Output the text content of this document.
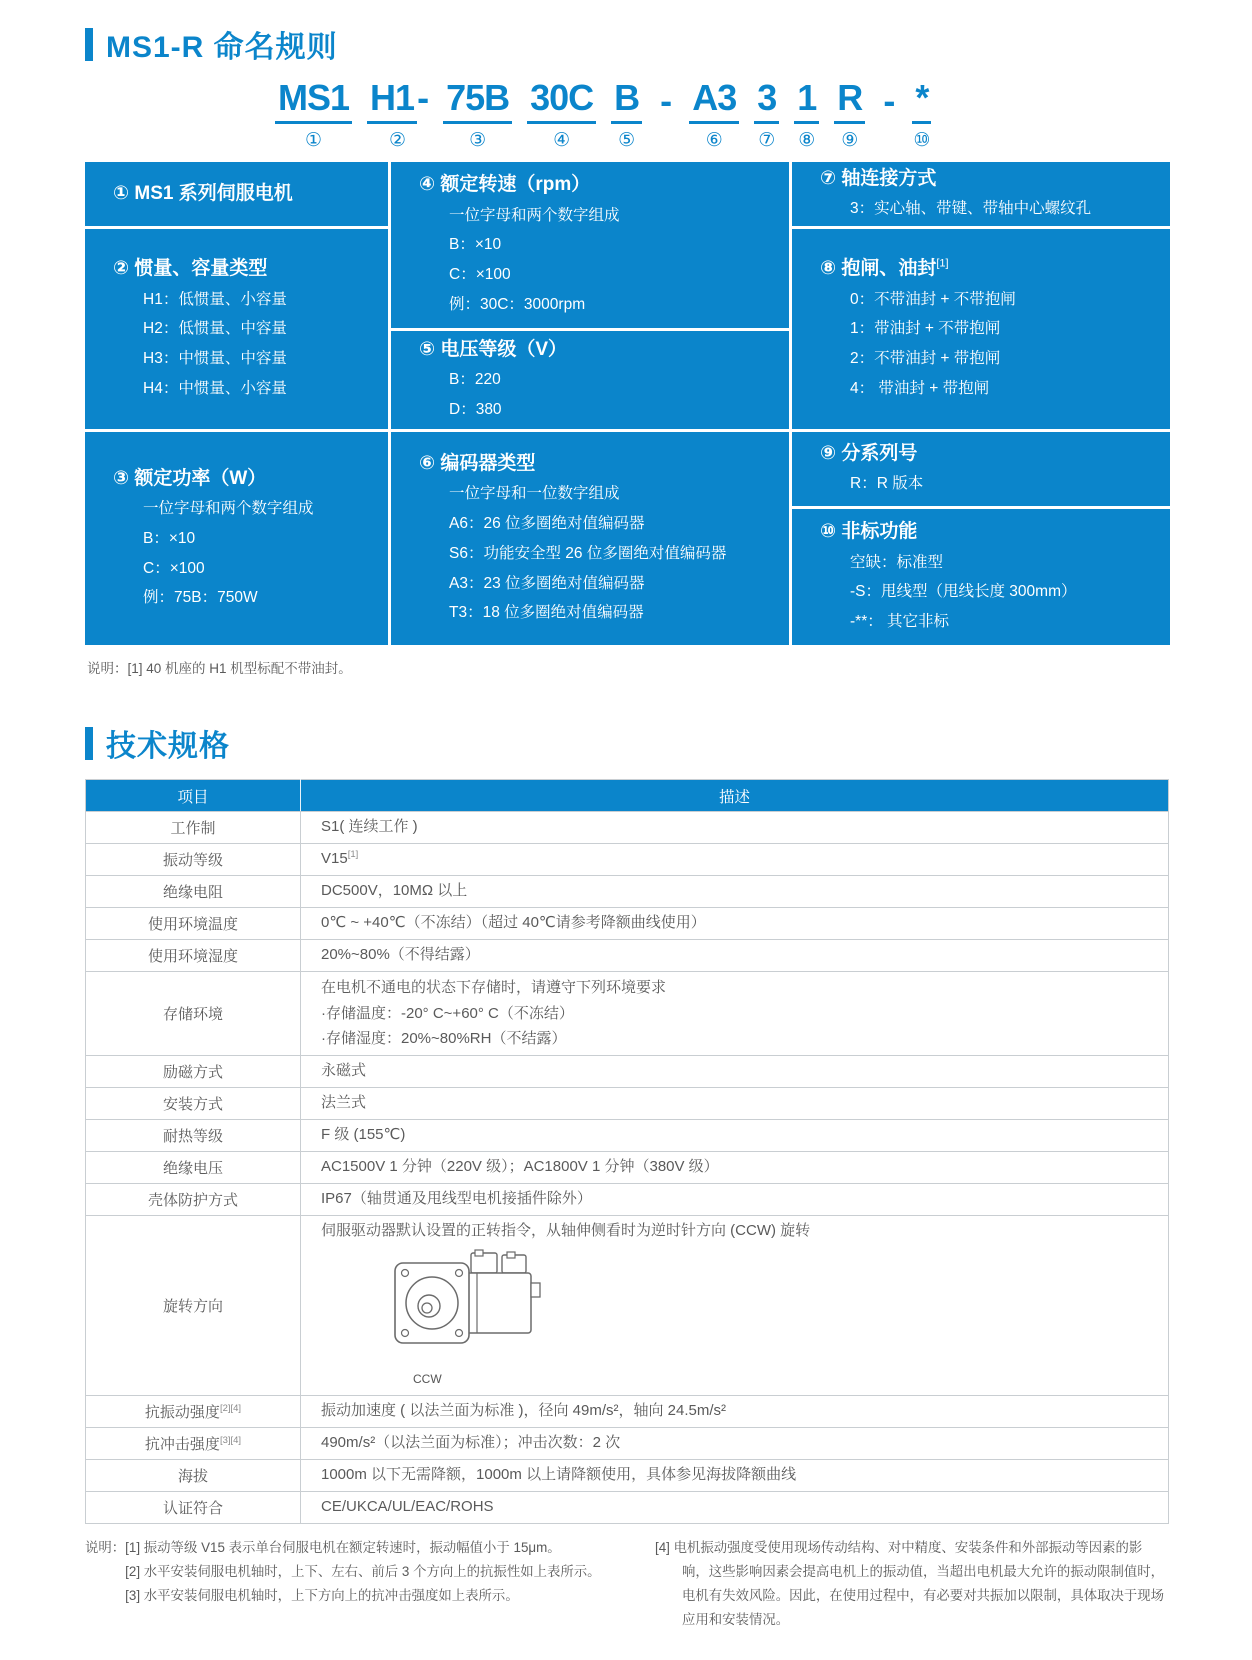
MS1-R 命名规则
MS1
①
H1 -
②
75B
③
30C
④
B
⑤
- A3
⑥
3
⑦
1
⑧
R
⑨
- *
⑩
① MS1 系列伺服电机
② 惯量、容量类型
H1：低惯量、小容量
H2：低惯量、中容量
H3：中惯量、中容量
H4：中惯量、小容量
③ 额定功率（W）
一位字母和两个数字组成
B：×10
C：×100
例：75B：750W
④ 额定转速（rpm）
一位字母和两个数字组成
B：×10
C：×100
例：30C：3000rpm
⑤ 电压等级（V）
B：220
D：380
⑥ 编码器类型
一位字母和一位数字组成
A6：26 位多圈绝对值编码器
S6：功能安全型 26 位多圈绝对值编码器
A3：23 位多圈绝对值编码器
T3：18 位多圈绝对值编码器
⑦ 轴连接方式
3：实心轴、带键、带轴中心螺纹孔
⑧ 抱闸、油封[1]
0：不带油封 + 不带抱闸
1：带油封 + 不带抱闸
2：不带油封 + 带抱闸
4： 带油封 + 带抱闸
⑨ 分系列号
R：R 版本
⑩ 非标功能
空缺：标准型
-S：甩线型（甩线长度 300mm）
-**： 其它非标
说明：[1] 40 机座的 H1 机型标配不带油封。
技术规格
项目	描述
工作制	S1( 连续工作 )
振动等级	V15[1]
绝缘电阻	DC500V，10MΩ 以上
使用环境温度	0℃ ~ +40℃（不冻结）（超过 40℃请参考降额曲线使用）
使用环境湿度	20%~80%（不得结露）
存储环境	在电机不通电的状态下存储时，请遵守下列环境要求
·存储温度：-20° C~+60° C（不冻结）
·存储湿度：20%~80%RH（不结露）

励磁方式	永磁式
安装方式	法兰式
耐热等级	F 级 (155℃)
绝缘电压	AC1500V 1 分钟（220V 级）；AC1800V 1 分钟（380V 级）
壳体防护方式	IP67（轴贯通及甩线型电机接插件除外）
旋转方向	伺服驱动器默认设置的正转指令，从轴伸侧看时为逆时针方向 (CCW) 旋转
CCW

抗振动强度[2][4]	振动加速度 ( 以法兰面为标准 )，径向 49m/s²，轴向 24.5m/s²
抗冲击强度[3][4]	490m/s²（以法兰面为标准）；冲击次数：2 次
海拔	1000m 以下无需降额，1000m 以上请降额使用，具体参见海拔降额曲线
认证符合	CE/UKCA/UL/EAC/ROHS
说明： [1] 振动等级 V15 表示单台伺服电机在额定转速时，振动幅值小于 15μm。
[2] 水平安装伺服电机轴时，上下、左右、前后 3 个方向上的抗振性如上表所示。
[3] 水平安装伺服电机轴时，上下方向上的抗冲击强度如上表所示。
[4] 电机振动强度受使用现场传动结构、对中精度、安装条件和外部振动等因素的影响，这些影响因素会提高电机上的振动值，当超出电机最大允许的振动限制值时，电机有失效风险。因此，在使用过程中，有必要对共振加以限制，具体取决于现场应用和安装情况。
